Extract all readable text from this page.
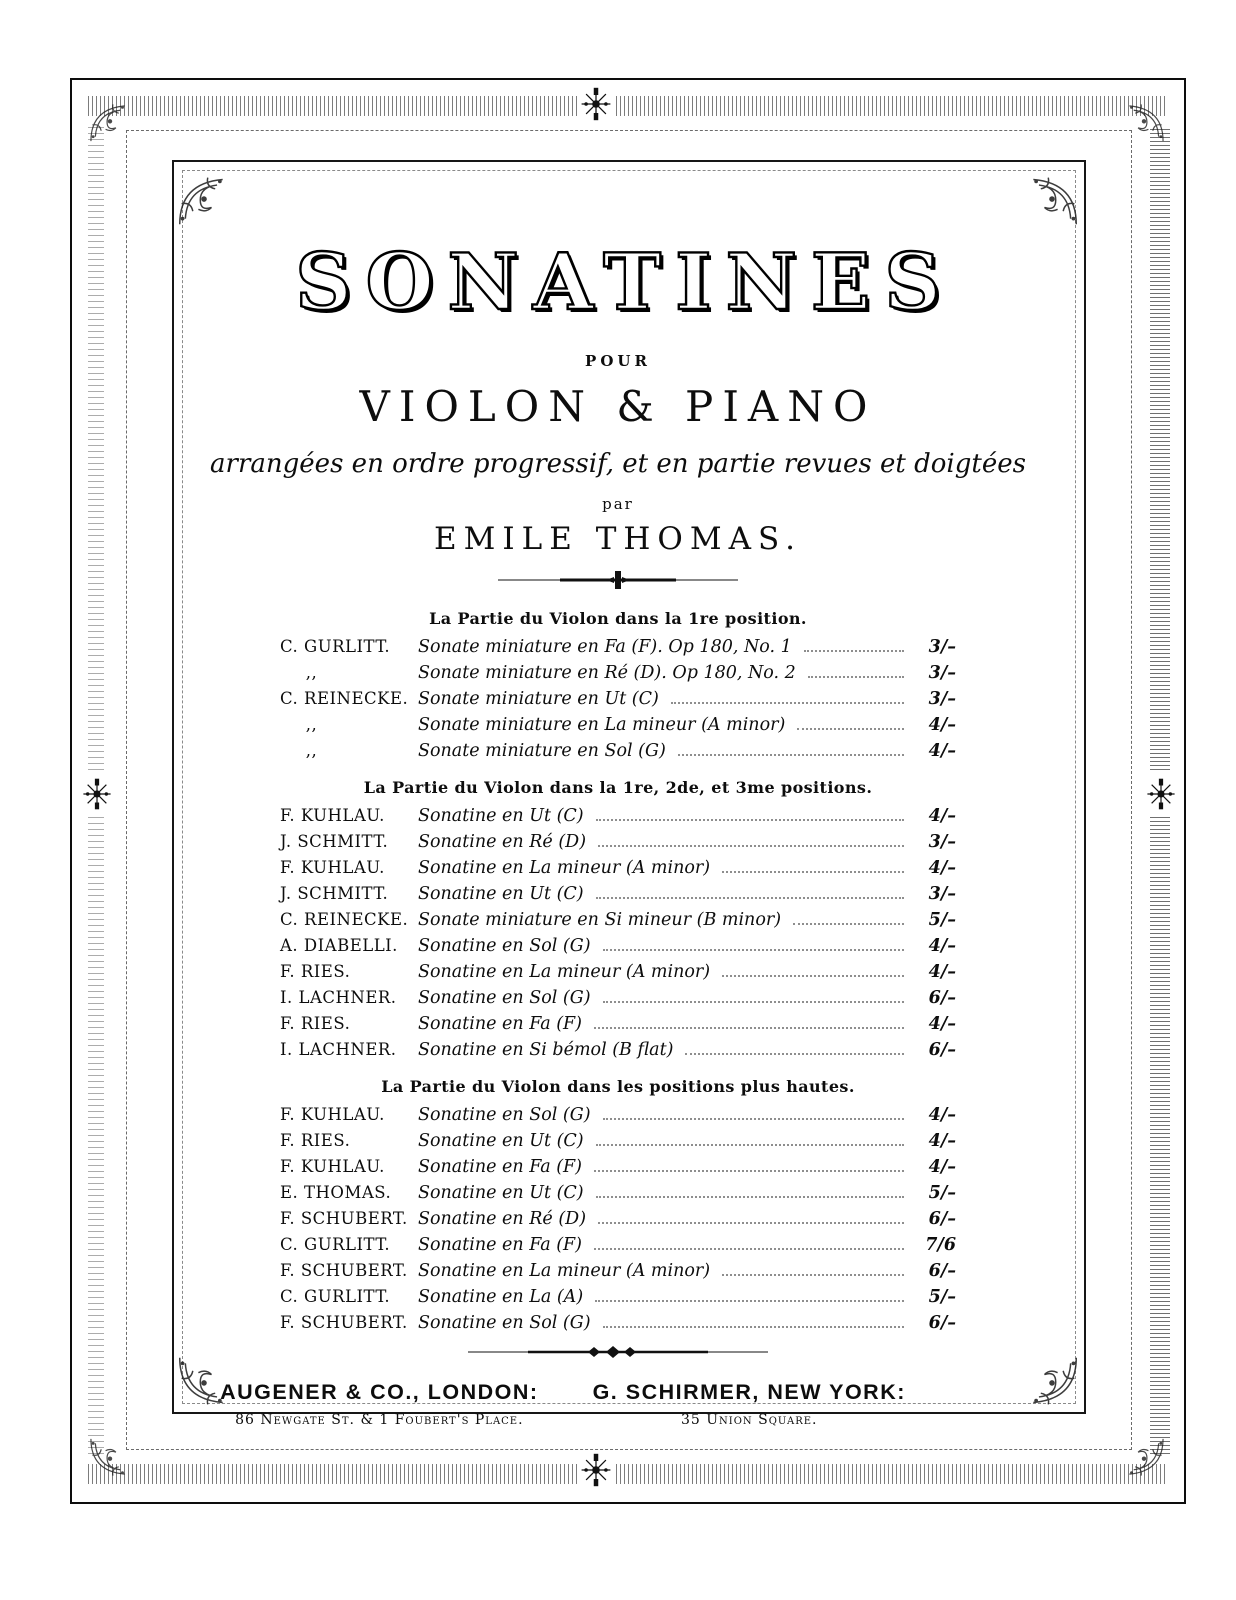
SONATINES
POUR
VIOLON & PIANO
arrangées en ordre progressif, et en partie revues et doigtées
par
EMILE THOMAS.
La Partie du Violon dans la 1re position.
C. GURLITT.	Sonate miniature en Fa (F). Op 180, No. 1	3/–
  ,,	Sonate miniature en Ré (D). Op 180, No. 2	3/–
C. REINECKE. Sonate miniature en Ut (C)	3/–
  ,,	Sonate miniature en La mineur (A minor)	4/–
  ,,	Sonate miniature en Sol (G)	4/–
La Partie du Violon dans la 1re, 2de, et 3me positions.
F. KUHLAU.	Sonatine en Ut (C)	4/–
J. SCHMITT.	Sonatine en Ré (D)	3/–
F. KUHLAU.	Sonatine en La mineur (A minor)	4/–
J. SCHMITT.	Sonatine en Ut (C)	3/–
C. REINECKE. Sonate miniature en Si mineur (B minor)	5/–
A. DIABELLI.	Sonatine en Sol (G)	4/–
F. RIES.	Sonatine en La mineur (A minor)	4/–
I. LACHNER.	Sonatine en Sol (G)	6/–
F. RIES.	Sonatine en Fa (F)	4/–
I. LACHNER.	Sonatine en Si bémol (B flat)	6/–
La Partie du Violon dans les positions plus hautes.
F. KUHLAU.	Sonatine en Sol (G)	4/–
F. RIES.	Sonatine en Ut (C)	4/–
F. KUHLAU.	Sonatine en Fa (F)	4/–
E. THOMAS.	Sonatine en Ut (C)	5/–
F. SCHUBERT. Sonatine en Ré (D)	6/–
C. GURLITT.	Sonatine en Fa (F)	7/6
F. SCHUBERT. Sonatine en La mineur (A minor)	6/–
C. GURLITT.	Sonatine en La (A)	5/–
F. SCHUBERT. Sonatine en Sol (G)	6/–
AUGENER & CO., LONDON:
86 Newgate St. & 1 Foubert's Place.
G. SCHIRMER, NEW YORK:
35 Union Square.
